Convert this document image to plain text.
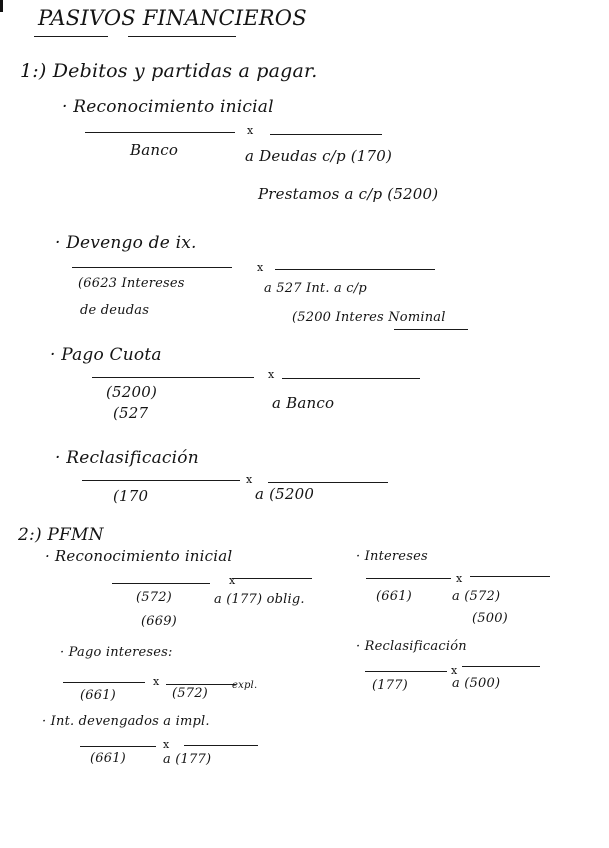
PASIVOS FINANCIEROS
1:) Debitos y partidas a pagar.
· Reconocimiento inicial
x
Banco	a Deudas c/p (170)
Prestamos a c/p (5200)
· Devengo de ix.
x
(6623 Intereses
de deudas
a 527 Int. a c/p
(5200 Interes Nominal
· Pago Cuota
x
(5200)
(527
a Banco
· Reclasificación
x
(170	a (5200
2:) PFMN
· Reconocimiento inicial
x
(572)
(669)
a (177) oblig.
· Intereses
x
(661)	a (572)
(500)
· Pago intereses:
x
(661)	(572)
expl.
· Reclasificación
x
(177)	a (500)
· Int. devengados a impl.
x
(661)	a (177)
